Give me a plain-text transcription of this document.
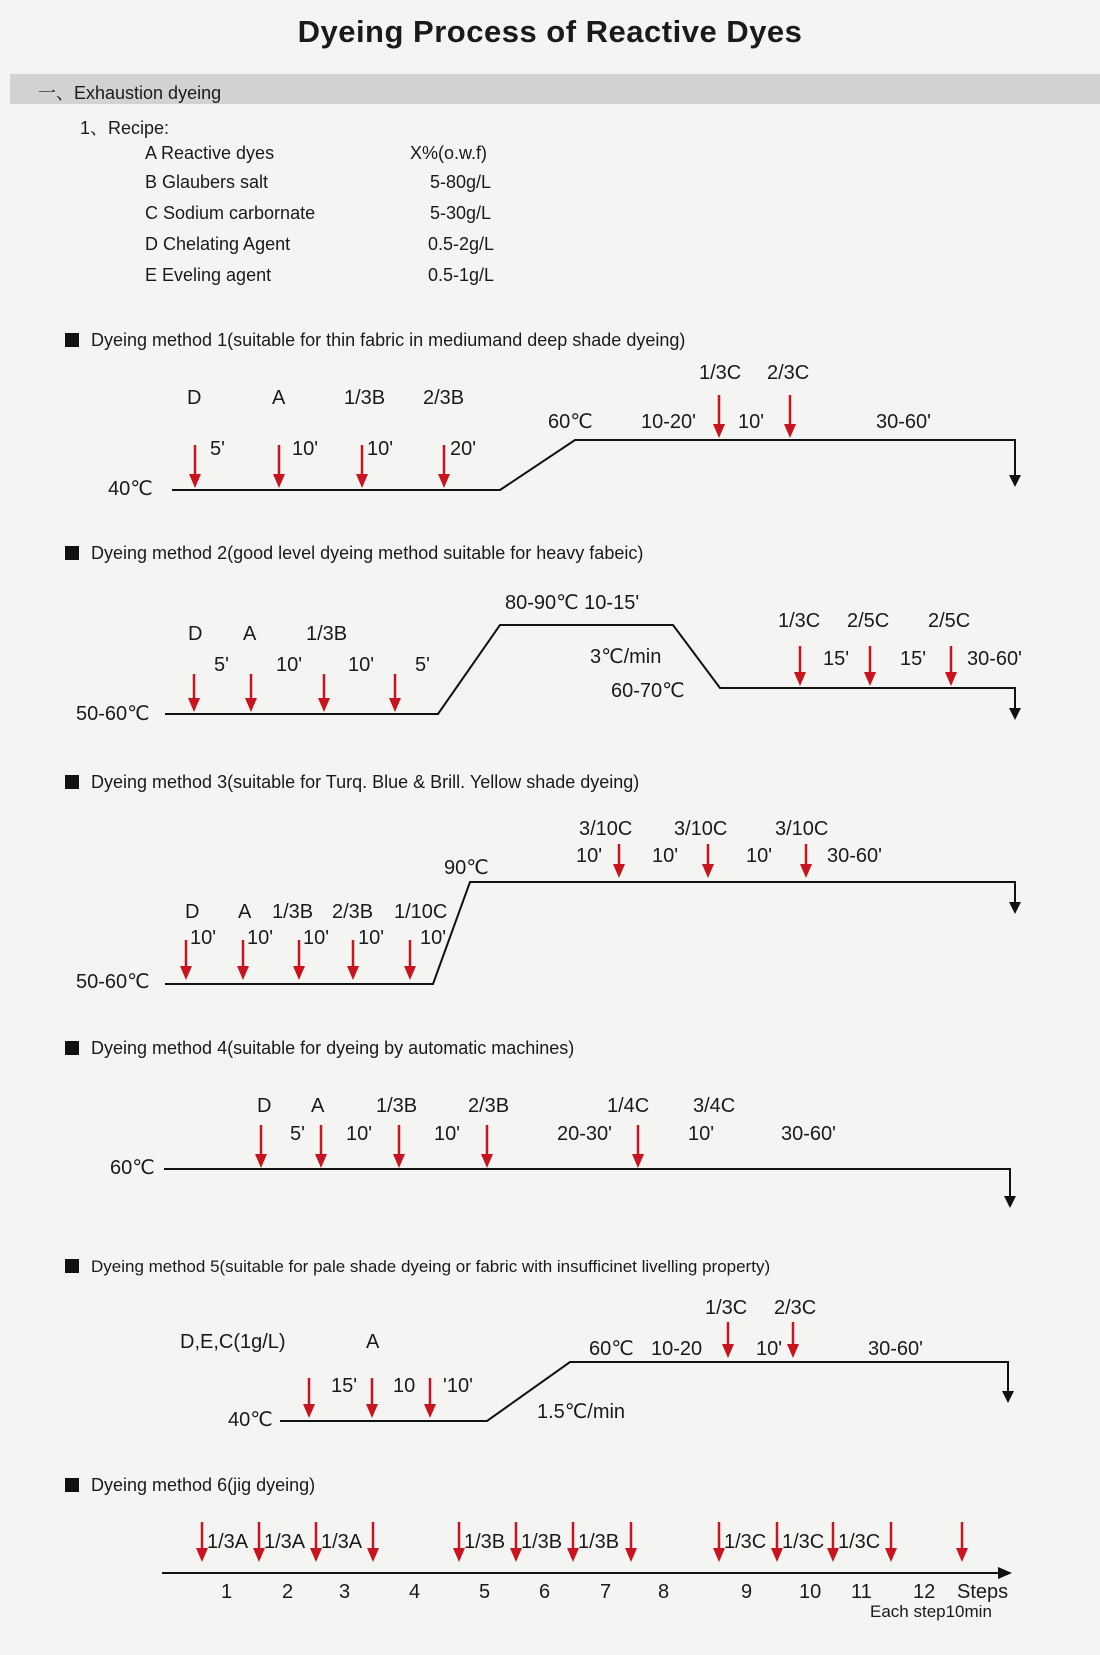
Dyeing Process of Reactive Dyes
一、Exhaustion dyeing
1、Recipe:
A Reactive dyes	X%(o.w.f)
B Glaubers salt	5-80g/L
C Sodium carbornate	5-30g/L
D Chelating Agent	0.5-2g/L
E Eveling agent	0.5-1g/L
Dyeing method 1(suitable for thin fabric in mediumand deep shade dyeing)
40℃
60℃
D	A	1/3B 2/3B
1/3C 2/3C
5'	10' 10'	20'
10-20' 10'	30-60'
Dyeing method 2(good level dyeing method suitable for heavy fabeic)
50-60℃
80-90℃ 10-15'
3℃/min
60-70℃
D A 1/3B
1/3C 2/5C 2/5C
5' 10' 10' 5'	15'	15' 30-60'
Dyeing method 3(suitable for Turq. Blue & Brill. Yellow shade dyeing)
50-60℃
90℃
D A 1/3B 2/3B 1/10C
3/10C 3/10C 3/10C
10' 10' 10' 10' 10'
10' 10'	10'	30-60'
Dyeing method 4(suitable for dyeing by automatic machines)
60℃
D A	1/3B	2/3B	1/4C 3/4C
5' 10'	10'	20-30'	10'	30-60'
Dyeing method 5(suitable for pale shade dyeing or fabric with insufficinet livelling property)
40℃
60℃
1.5℃/min
D,E,C(1g/L)	A
1/3C 2/3C
15' 10 '10'
10-20	10'	30-60'
Dyeing method 6(jig dyeing)
1/3A 1/3A 1/3A	1/3B 1/3B 1/3B	1/3C 1/3C 1/3C
1 2 3	4	5 6 7 8	9 10 11 12 Steps
Each step10min
